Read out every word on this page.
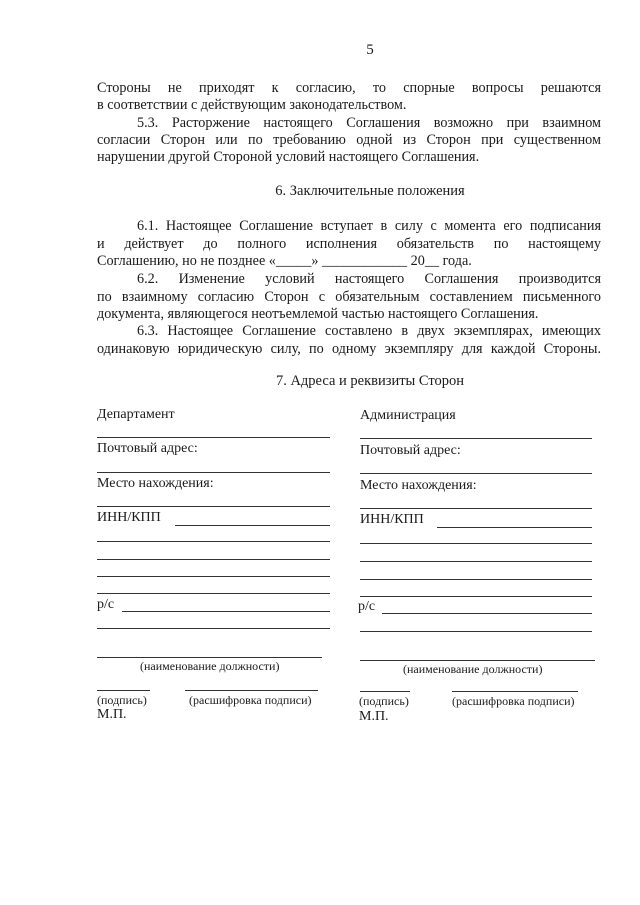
5
Стороны не приходят к согласию, то спорные вопросы решаются
в соответствии с действующим законодательством.
5.3. Расторжение настоящего Соглашения возможно при взаимном
согласии Сторон или по требованию одной из Сторон при существенном
нарушении другой Стороной условий настоящего Соглашения.
6. Заключительные положения
6.1. Настоящее Соглашение вступает в силу с момента его подписания
и действует до полного исполнения обязательств по настоящему
Соглашению, но не позднее «_____» ____________ 20__ года.
6.2. Изменение условий настоящего Соглашения производится
по взаимному согласию Сторон с обязательным составлением письменного
документа, являющегося неотъемлемой частью настоящего Соглашения.
6.3. Настоящее Соглашение составлено в двух экземплярах, имеющих
одинаковую юридическую силу, по одному экземпляру для каждой Стороны.
7. Адреса и реквизиты Сторон
Департамент
Почтовый адрес:
Место нахождения:
ИНН/КПП
р/с
(наименование должности)
(подпись)	(расшифровка подписи)
М.П.
Администрация
Почтовый адрес:
Место нахождения:
ИНН/КПП
р/с
(наименование должности)
(подпись)	(расшифровка подписи)
М.П.
